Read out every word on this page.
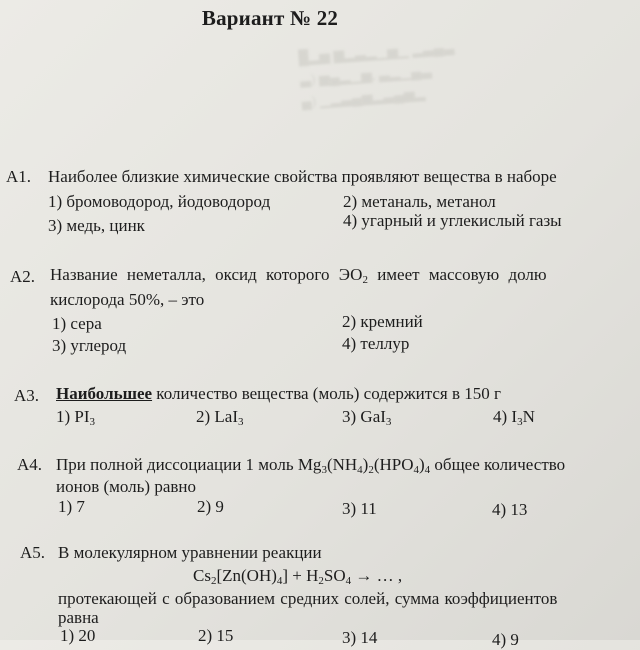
█▂▅ ▆▂▃▂▁▅▁ ▂▃▄▃
▃) ▅▄▂▁▅, ▃▂▁▄▃
▄) ▁▂▃▄▅▂▃▄▅▂
Вариант № 22
A1. Наиболее близкие химические свойства проявляют вещества в наборе
1) бромоводород, йодоводород	2) метаналь, метанол
3) медь, цинк	4) угарный и углекислый газы
A2. Название неметалла, оксид которого $ЭО_2$ имеет массовую долю
кислорода 50%, – это
1) сера	2) кремний
3) углерод	4) теллур
A3. Наибольшее количество вещества (моль) содержится в 150 г
1) $PI_3$	2) LaI$_3$	3) GaI$_3$	4) $I_3N$
A4. При полной диссоциации 1 моль $Mg_3(NH_4)_2(HPO_4)_4$ общее количество
ионов (моль) равно
1) 7	2) 9	3) 11	4) 13
A5. В молекулярном уравнении реакции
$Cs_2[Zn(OH)_4] + H_2SO_4$ → … ,
протекающей с образованием средних солей, сумма коэффициентов
равна
1) 20	2) 15	3) 14	4) 9
